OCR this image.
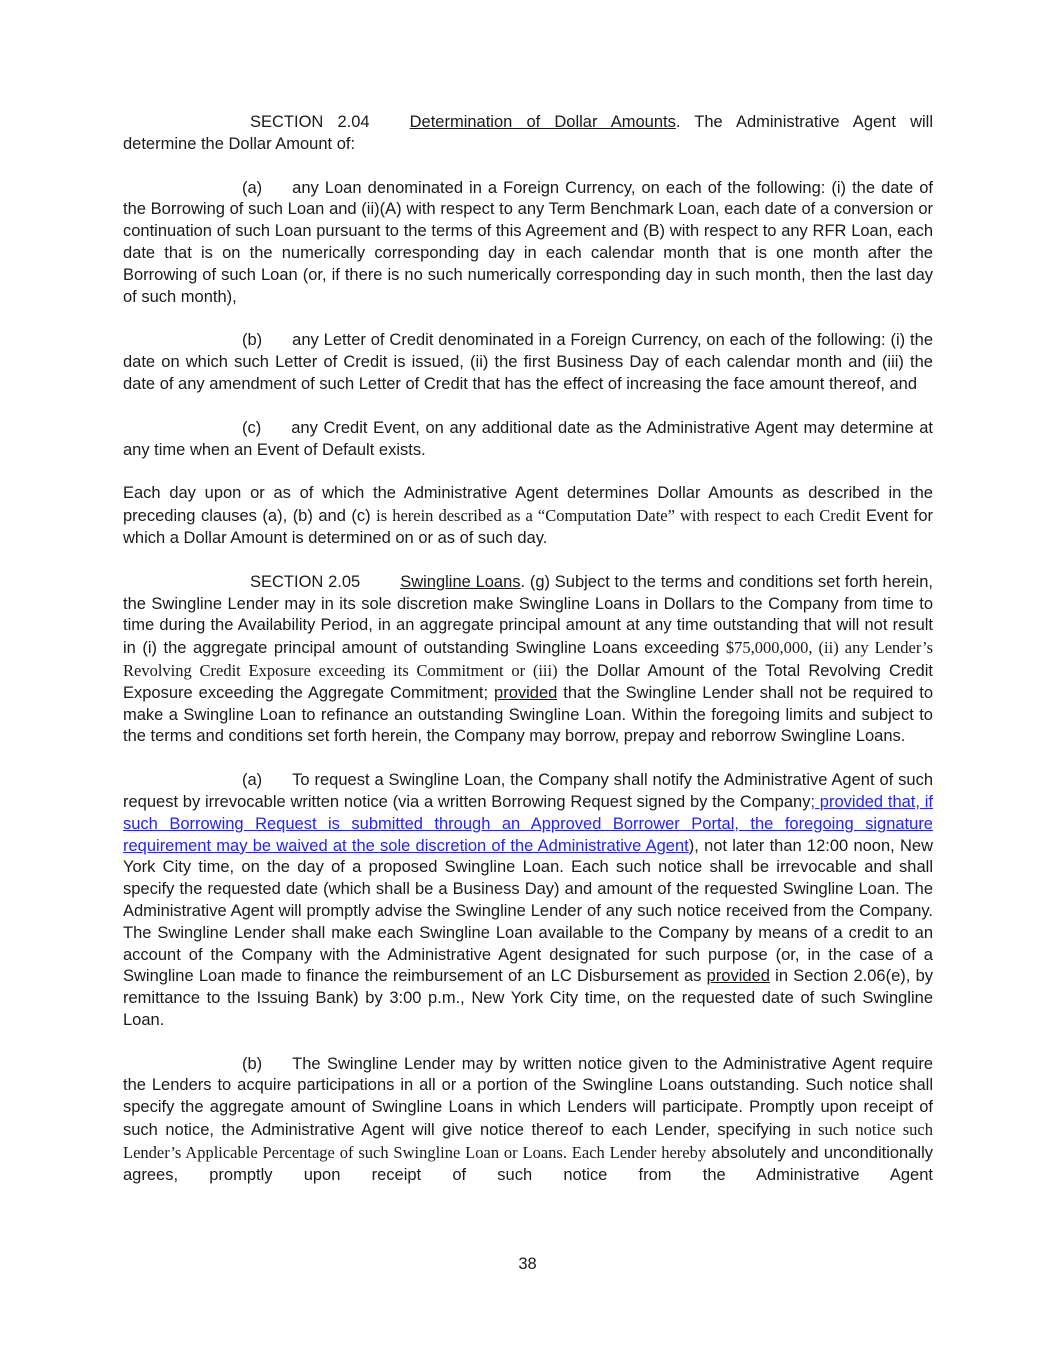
SECTION 2.04 Determination of Dollar Amounts. The Administrative Agent will determine the Dollar Amount of:

(a) any Loan denominated in a Foreign Currency, on each of the following: (i) the date of the Borrowing of such Loan and (ii)(A) with respect to any Term Benchmark Loan, each date of a conversion or continuation of such Loan pursuant to the terms of this Agreement and (B) with respect to any RFR Loan, each date that is on the numerically corresponding day in each calendar month that is one month after the Borrowing of such Loan (or, if there is no such numerically corresponding day in such month, then the last day of such month),

(b) any Letter of Credit denominated in a Foreign Currency, on each of the following: (i) the date on which such Letter of Credit is issued, (ii) the first Business Day of each calendar month and (iii) the date of any amendment of such Letter of Credit that has the effect of increasing the face amount thereof, and

(c) any Credit Event, on any additional date as the Administrative Agent may determine at any time when an Event of Default exists.

Each day upon or as of which the Administrative Agent determines Dollar Amounts as described in the preceding clauses (a), (b) and (c) is herein described as a “Computation Date” with respect to each Credit Event for which a Dollar Amount is determined on or as of such day.

SECTION 2.05 Swingline Loans. (g) Subject to the terms and conditions set forth herein, the Swingline Lender may in its sole discretion make Swingline Loans in Dollars to the Company from time to time during the Availability Period, in an aggregate principal amount at any time outstanding that will not result in (i) the aggregate principal amount of outstanding Swingline Loans exceeding $75,000,000, (ii) any Lender’s Revolving Credit Exposure exceeding its Commitment or (iii) the Dollar Amount of the Total Revolving Credit Exposure exceeding the Aggregate Commitment; provided that the Swingline Lender shall not be required to make a Swingline Loan to refinance an outstanding Swingline Loan. Within the foregoing limits and subject to the terms and conditions set forth herein, the Company may borrow, prepay and reborrow Swingline Loans.

(a) To request a Swingline Loan, the Company shall notify the Administrative Agent of such request by irrevocable written notice (via a written Borrowing Request signed by the Company; provided that, if such Borrowing Request is submitted through an Approved Borrower Portal, the foregoing signature requirement may be waived at the sole discretion of the Administrative Agent), not later than 12:00 noon, New York City time, on the day of a proposed Swingline Loan. Each such notice shall be irrevocable and shall specify the requested date (which shall be a Business Day) and amount of the requested Swingline Loan. The Administrative Agent will promptly advise the Swingline Lender of any such notice received from the Company. The Swingline Lender shall make each Swingline Loan available to the Company by means of a credit to an account of the Company with the Administrative Agent designated for such purpose (or, in the case of a Swingline Loan made to finance the reimbursement of an LC Disbursement as provided in Section 2.06(e), by remittance to the Issuing Bank) by 3:00 p.m., New York City time, on the requested date of such Swingline Loan.

(b) The Swingline Lender may by written notice given to the Administrative Agent require the Lenders to acquire participations in all or a portion of the Swingline Loans outstanding. Such notice shall specify the aggregate amount of Swingline Loans in which Lenders will participate. Promptly upon receipt of such notice, the Administrative Agent will give notice thereof to each Lender, specifying in such notice such Lender’s Applicable Percentage of such Swingline Loan or Loans. Each Lender hereby absolutely and unconditionally agrees, promptly upon receipt of such notice from the Administrative Agent

38
